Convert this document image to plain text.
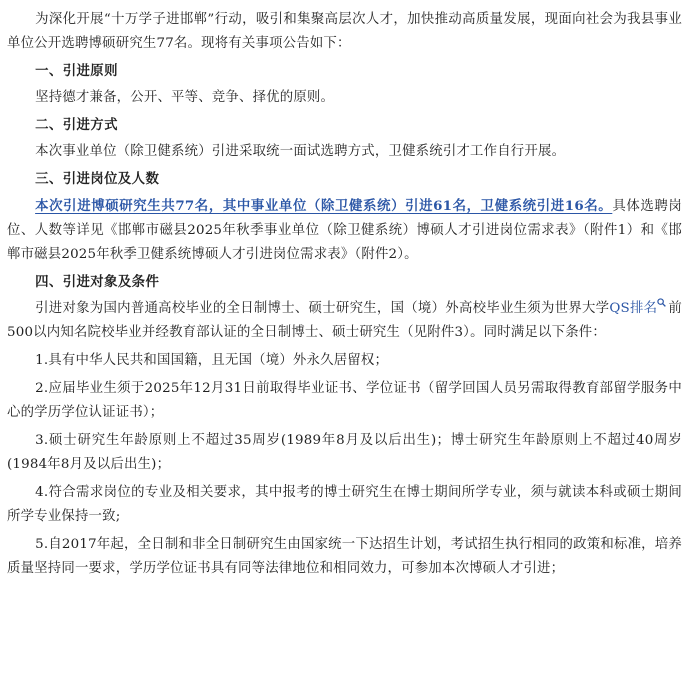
为深化开展“十万学子进邯郸”行动，吸引和集聚高层次人才，加快推动高质量发展，现面向社会为我县事业单位公开选聘博硕研究生77名。现将有关事项公告如下：

一、引进原则

坚持德才兼备，公开、平等、竞争、择优的原则。

二、引进方式

本次事业单位（除卫健系统）引进采取统一面试选聘方式，卫健系统引才工作自行开展。

三、引进岗位及人数

本次引进博硕研究生共77名，其中事业单位（除卫健系统）引进61名，卫健系统引进16名。具体选聘岗位、人数等详见《邯郸市磁县2025年秋季事业单位（除卫健系统）博硕人才引进岗位需求表》（附件1）和《邯郸市磁县2025年秋季卫健系统博硕人才引进岗位需求表》（附件2）。

四、引进对象及条件

引进对象为国内普通高校毕业的全日制博士、硕士研究生，国（境）外高校毕业生须为世界大学QS排名 前500以内知名院校毕业并经教育部认证的全日制博士、硕士研究生（见附件3）。同时满足以下条件：

1.具有中华人民共和国国籍，且无国（境）外永久居留权；

2.应届毕业生须于2025年12月31日前取得毕业证书、学位证书（留学回国人员另需取得教育部留学服务中心的学历学位认证证书）；

3.硕士研究生年龄原则上不超过35周岁(1989年8月及以后出生)；博士研究生年龄原则上不超过40周岁(1984年8月及以后出生)；

4.符合需求岗位的专业及相关要求，其中报考的博士研究生在博士期间所学专业，须与就读本科或硕士期间所学专业保持一致;

5.自2017年起，全日制和非全日制研究生由国家统一下达招生计划，考试招生执行相同的政策和标准，培养质量坚持同一要求，学历学位证书具有同等法律地位和相同效力，可参加本次博硕人才引进；
